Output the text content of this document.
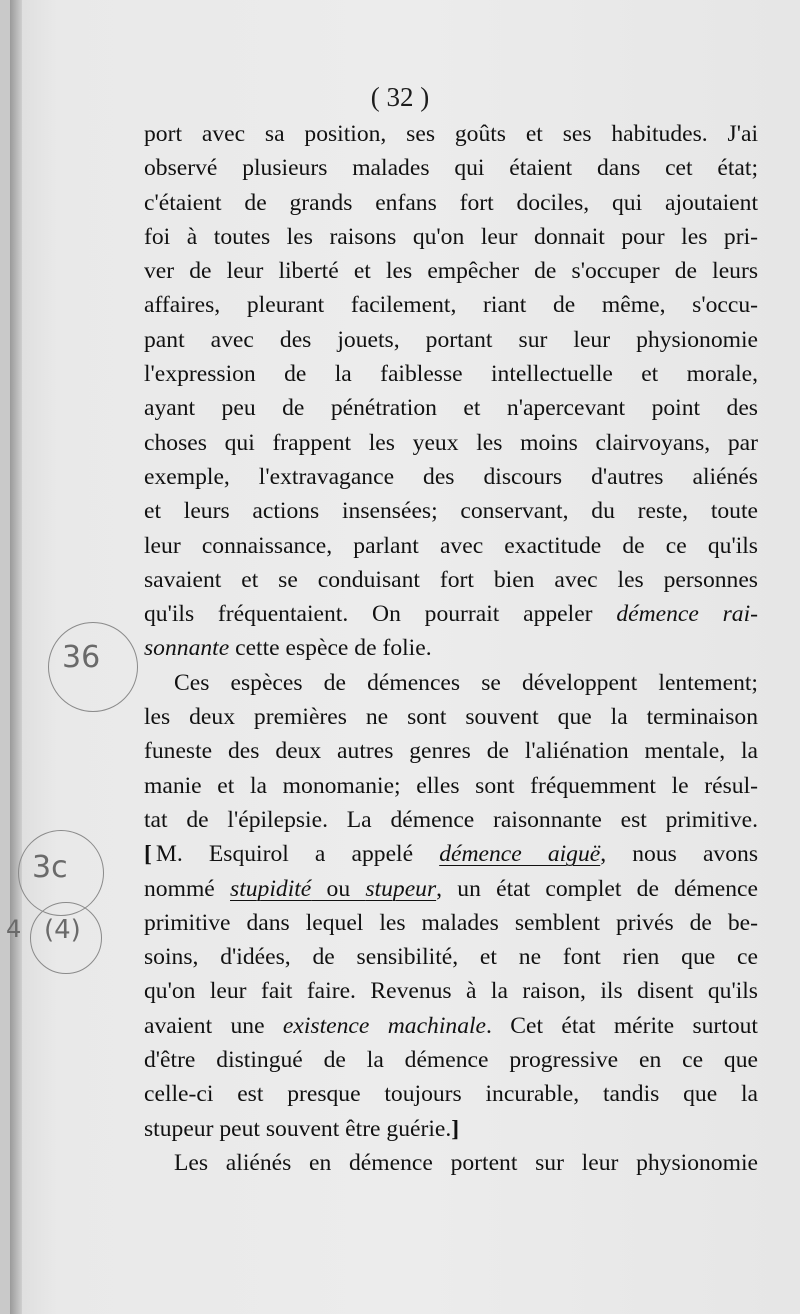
( 32 )
36
3c
4 (4)
port avec sa position, ses goûts et ses habitudes. J'ai
observé plusieurs malades qui étaient dans cet état;
c'étaient de grands enfans fort dociles, qui ajoutaient
foi à toutes les raisons qu'on leur donnait pour les pri-
ver de leur liberté et les empêcher de s'occuper de leurs
affaires, pleurant facilement, riant de même, s'occu-
pant avec des jouets, portant sur leur physionomie
l'expression de la faiblesse intellectuelle et morale,
ayant peu de pénétration et n'apercevant point des
choses qui frappent les yeux les moins clairvoyans, par
exemple, l'extravagance des discours d'autres aliénés
et leurs actions insensées; conservant, du reste, toute
leur connaissance, parlant avec exactitude de ce qu'ils
savaient et se conduisant fort bien avec les personnes
qu'ils fréquentaient. On pourrait appeler démence rai-
sonnante cette espèce de folie.
Ces espèces de démences se développent lentement;
les deux premières ne sont souvent que la terminaison
funeste des deux autres genres de l'aliénation mentale, la
manie et la monomanie; elles sont fréquemment le résul-
tat de l'épilepsie. La démence raisonnante est primitive.
[ M. Esquirol a appelé démence aiguë, nous avons
nommé stupidité ou stupeur, un état complet de démence
primitive dans lequel les malades semblent privés de be-
soins, d'idées, de sensibilité, et ne font rien que ce
qu'on leur fait faire. Revenus à la raison, ils disent qu'ils
avaient une existence machinale. Cet état mérite surtout
d'être distingué de la démence progressive en ce que
celle-ci est presque toujours incurable, tandis que la
stupeur peut souvent être guérie.]
Les aliénés en démence portent sur leur physionomie
